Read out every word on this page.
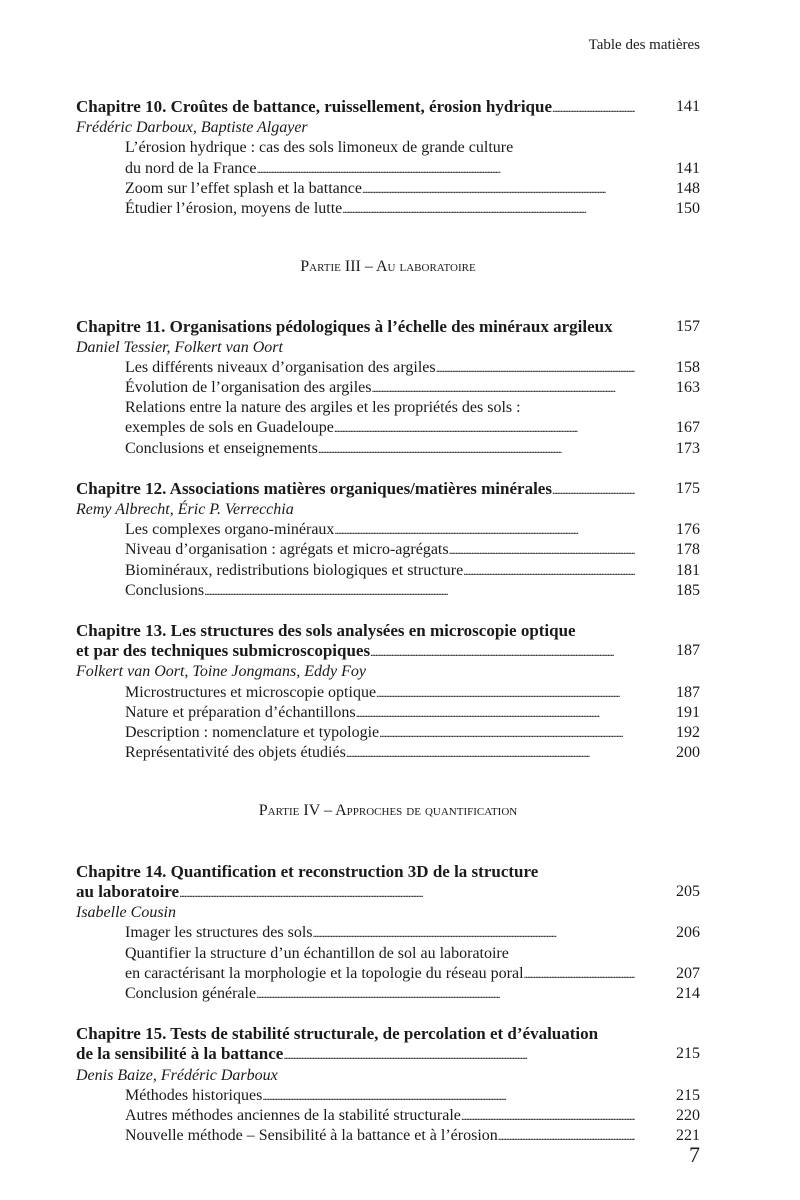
Table des matières
Chapitre 10. Croûtes de battance, ruissellement, érosion hydrique . . .	141
Frédéric Darboux, Baptiste Algayer
L’érosion hydrique : cas des sols limoneux de grande culture
du nord de la France . . .	141
Zoom sur l’effet splash et la battance . . .	148
Étudier l’érosion, moyens de lutte . . .	150
Partie III – Au laboratoire
Chapitre 11. Organisations pédologiques à l’échelle des minéraux argileux	157
Daniel Tessier, Folkert van Oort
Les différents niveaux d’organisation des argiles . . .	158
Évolution de l’organisation des argiles . . .	163
Relations entre la nature des argiles et les propriétés des sols :
exemples de sols en Guadeloupe . . .	167
Conclusions et enseignements . . .	173
Chapitre 12. Associations matières organiques/matières minérales . . .	175
Remy Albrecht, Éric P. Verrecchia
Les complexes organo-minéraux . . .	176
Niveau d’organisation : agrégats et micro-agrégats . . .	178
Biominéraux, redistributions biologiques et structure . . .	181
Conclusions . . .	185
Chapitre 13. Les structures des sols analysées en microscopie optique
et par des techniques submicroscopiques . . .	187
Folkert van Oort, Toine Jongmans, Eddy Foy
Microstructures et microscopie optique . . .	187
Nature et préparation d’échantillons . . .	191
Description : nomenclature et typologie . . .	192
Représentativité des objets étudiés . . .	200
Partie IV – Approches de quantification
Chapitre 14. Quantification et reconstruction 3D de la structure
au laboratoire . . .	205
Isabelle Cousin
Imager les structures des sols . . .	206
Quantifier la structure d’un échantillon de sol au laboratoire
en caractérisant la morphologie et la topologie du réseau poral . . .	207
Conclusion générale . . .	214
Chapitre 15. Tests de stabilité structurale, de percolation et d’évaluation
de la sensibilité à la battance . . .	215
Denis Baize, Frédéric Darboux
Méthodes historiques . . .	215
Autres méthodes anciennes de la stabilité structurale . . .	220
Nouvelle méthode – Sensibilité à la battance et à l’érosion . . .	221
7
